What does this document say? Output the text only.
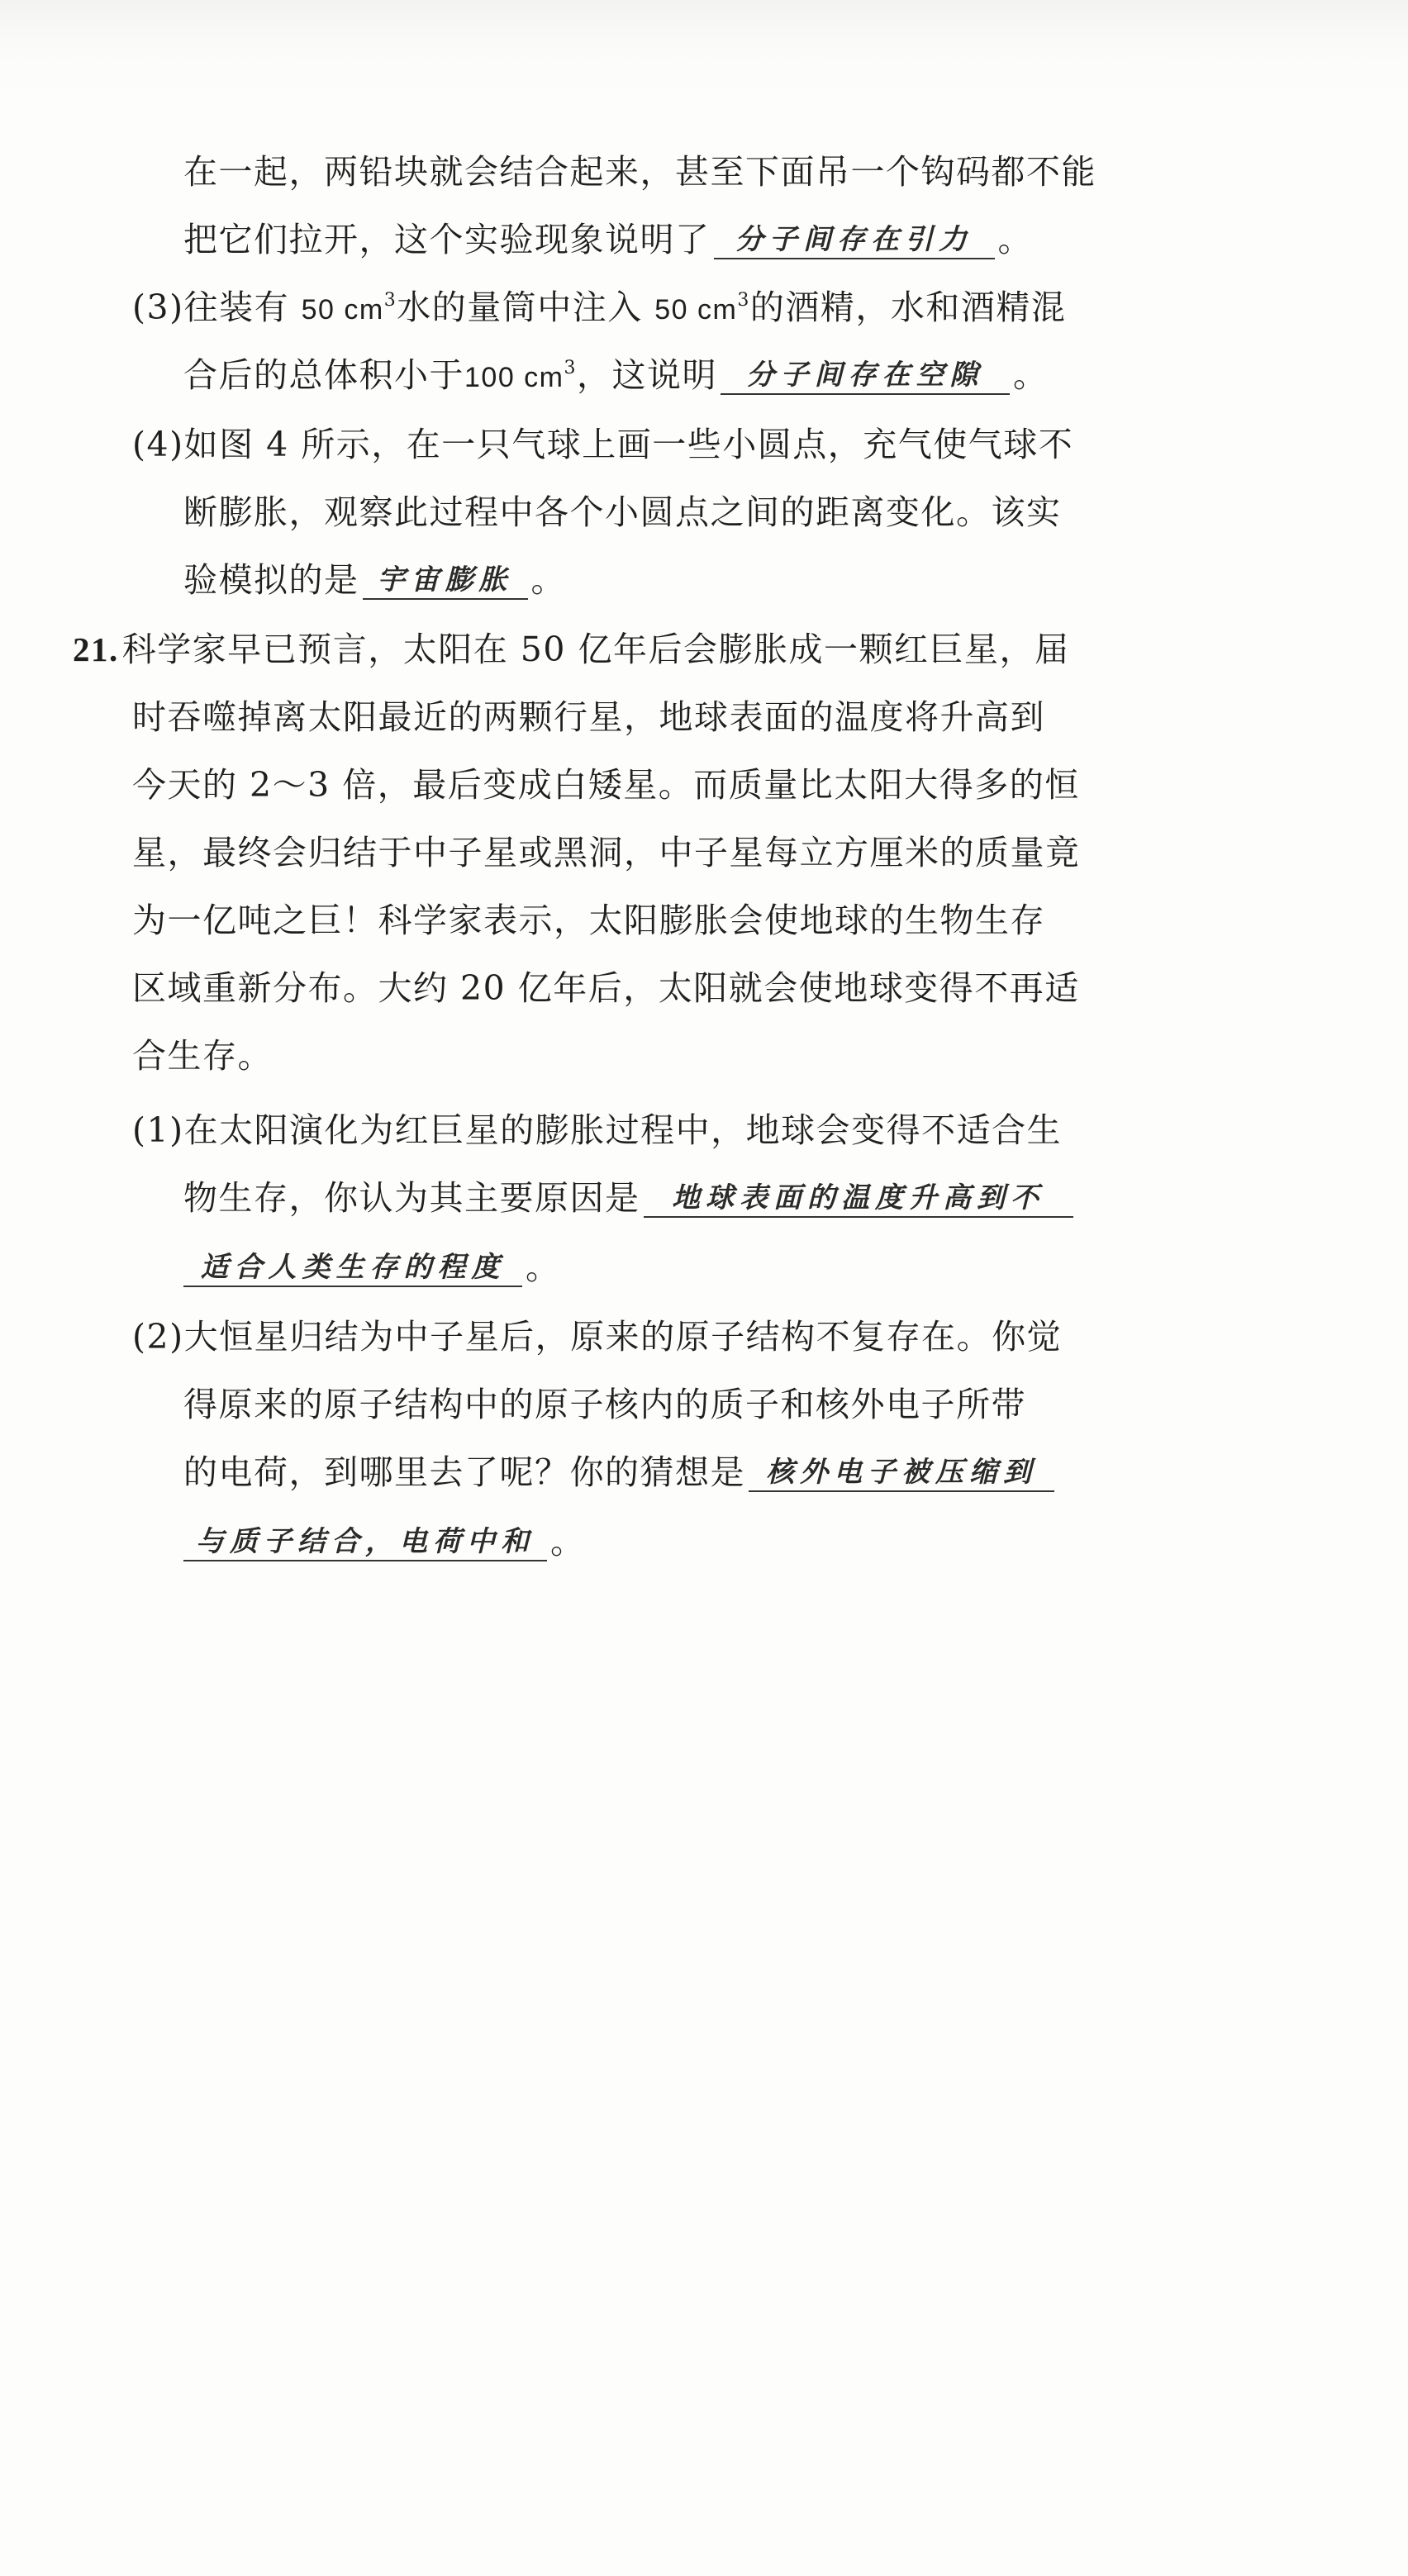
在一起，两铅块就会结合起来，甚至下面吊一个钩码都不能
把它们拉开，这个实验现象说明了 分子间存在引力 。
(3)往装有 50 $cm^3$水的量筒中注入 50 $cm^3$的酒精，水和酒精混
合后的总体积小于100 $cm^3$，这说明 分子间存在空隙 。
(4)如图 4 所示，在一只气球上画一些小圆点，充气使气球不
断膨胀，观察此过程中各个小圆点之间的距离变化。该实
验模拟的是 宇宙膨胀 。
21.科学家早已预言，太阳在 50 亿年后会膨胀成一颗红巨星，届
时吞噬掉离太阳最近的两颗行星，地球表面的温度将升高到
今天的 2～3 倍，最后变成白矮星。而质量比太阳大得多的恒
星，最终会归结于中子星或黑洞，中子星每立方厘米的质量竟
为一亿吨之巨！科学家表示，太阳膨胀会使地球的生物生存
区域重新分布。大约 20 亿年后，太阳就会使地球变得不再适
合生存。
(1)在太阳演化为红巨星的膨胀过程中，地球会变得不适合生
物生存，你认为其主要原因是 地球表面的温度升高到不
适合人类生存的程度 。
(2)大恒星归结为中子星后，原来的原子结构不复存在。你觉
得原来的原子结构中的原子核内的质子和核外电子所带
的电荷，到哪里去了呢？你的猜想是 核外电子被压缩到
与质子结合，电荷中和 。
